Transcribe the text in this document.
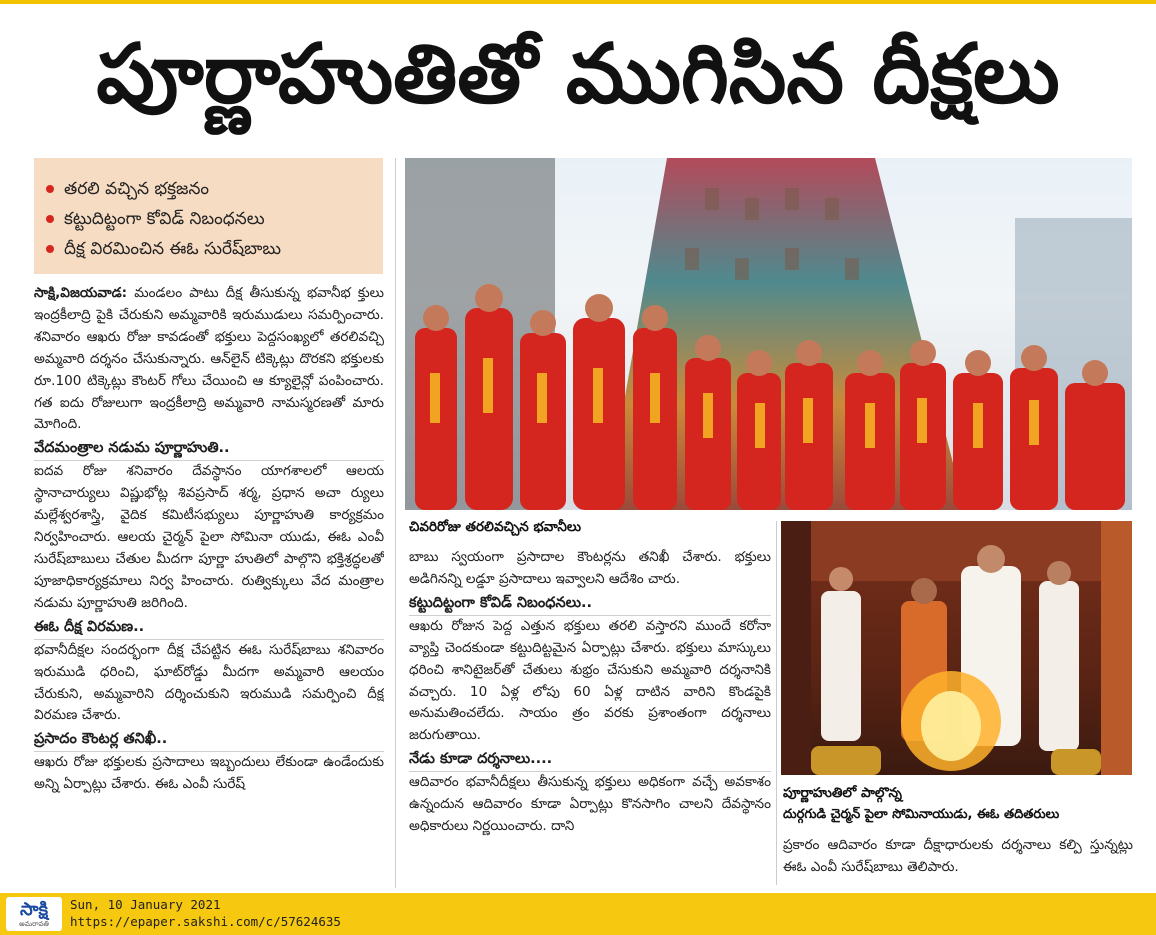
పూర్ణాహుతితో ముగిసిన దీక్షలు
తరలి వచ్చిన భక్తజనం
కట్టుదిట్టంగా కోవిడ్ నిబంధనలు
దీక్ష విరమించిన ఈఓ సురేష్‌బాబు

సాక్షి,విజయవాడ: మండలం పాటు దీక్ష తీసుకున్న భవానీభ క్తులు ఇంద్రకీలాద్రి పైకి చేరుకుని అమ్మవారికి ఇరుముడులు సమర్పించారు. శనివారం ఆఖరు రోజు కావడంతో భక్తులు పెద్దసంఖ్యలో తరలివచ్చి అమ్మవారి దర్శనం చేసుకున్నారు. ఆన్‌లైన్ టిక్కెట్లు దొరకని భక్తులకు రూ.100 టిక్కెట్లు కౌంటర్ గోలు చేయించి ఆ క్యూలైన్లో పంపించారు. గత ఐదు రోజులుగా ఇంద్రకీలాద్రి అమ్మవారి నామస్మరణతో మారు మోగింది.

వేదమంత్రాల నడుమ పూర్ణాహుతి..

ఐదవ రోజు శనివారం దేవస్థానం యాగశాలలో ఆలయ స్థానాచార్యులు విష్ణుభోట్ల శివప్రసాద్ శర్మ, ప్రధాన అచా ర్యులు మల్లేశ్వరశాస్త్రి, వైదిక కమిటీసభ్యులు పూర్ణాహుతి కార్యక్రమం నిర్వహించారు. ఆలయ చైర్మన్ పైలా సోమినా యుడు, ఈఓ ఎంవీ సురేష్‌బాబులు చేతుల మీదగా పూర్ణా హుతిలో పాల్గొని భక్తిశ్రద్ధలతో పూజాధికార్యక్రమాలు నిర్వ హించారు. రుత్విక్కులు వేద మంత్రాల నడుమ పూర్ణాహుతి జరిగింది.

ఈఓ దీక్ష విరమణ..

భవానీదీక్షల సందర్భంగా దీక్ష చేపట్టిన ఈఓ సురేష్‌బాబు శనివారం ఇరుముడి ధరించి, ఘాట్‌రోడ్డు మీదగా అమ్మవారి ఆలయం చేరుకుని, అమ్మవారిని దర్శించుకుని ఇరుముడి సమర్పించి దీక్ష విరమణ చేశారు.

ప్రసాదం కౌంటర్ల తనిఖీ..

ఆఖరు రోజు భక్తులకు ప్రసాదాలు ఇబ్బందులు లేకుండా ఉండేందుకు అన్ని ఏర్పాట్లు చేశారు. ఈఓ ఎంవీ సురేష్

చివరిరోజు తరలివచ్చిన భవానీలు

బాబు స్వయంగా ప్రసాదాల కౌంటర్లను తనిఖీ చేశారు. భక్తులు అడిగినన్ని లడ్డూ ప్రసాదాలు ఇవ్వాలని ఆదేశిం చారు.

కట్టుదిట్టంగా కోవిడ్ నిబంధనలు..

ఆఖరు రోజున పెద్ద ఎత్తున భక్తులు తరలి వస్తారని ముందే కరోనా వ్యాప్తి చెందకుండా కట్టుదిట్టమైన ఏర్పాట్లు చేశారు. భక్తులు మాస్కులు ధరించి శానిటైజర్‌తో చేతులు శుభ్రం చేసుకుని అమ్మవారి దర్శనానికి వచ్చారు. 10 ఏళ్ల లోపు 60 ఏళ్ల దాటిన వారిని కొండపైకి అనుమతించలేదు. సాయం త్రం వరకు ప్రశాంతంగా దర్శనాలు జరుగుతాయి.

నేడు కూడా దర్శనాలు....

ఆదివారం భవానీదీక్షలు తీసుకున్న భక్తులు అధికంగా వచ్చే అవకాశం ఉన్నందున ఆదివారం కూడా ఏర్పాట్లు కొనసాగిం చాలని దేవస్థానం అధికారులు నిర్ణయించారు. దాని

పూర్ణాహుతిలో పాల్గొన్న
దుర్గగుడి చైర్మన్ పైలా సోమినాయుడు, ఈఓ తదితరులు

ప్రకారం ఆదివారం కూడా దీక్షాధారులకు దర్శనాలు కల్పి స్తున్నట్లు ఈఓ ఎంవీ సురేష్‌బాబు తెలిపారు.

సాక్షి
అమరావతి
Sun, 10 January 2021
https://epaper.sakshi.com/c/57624635
